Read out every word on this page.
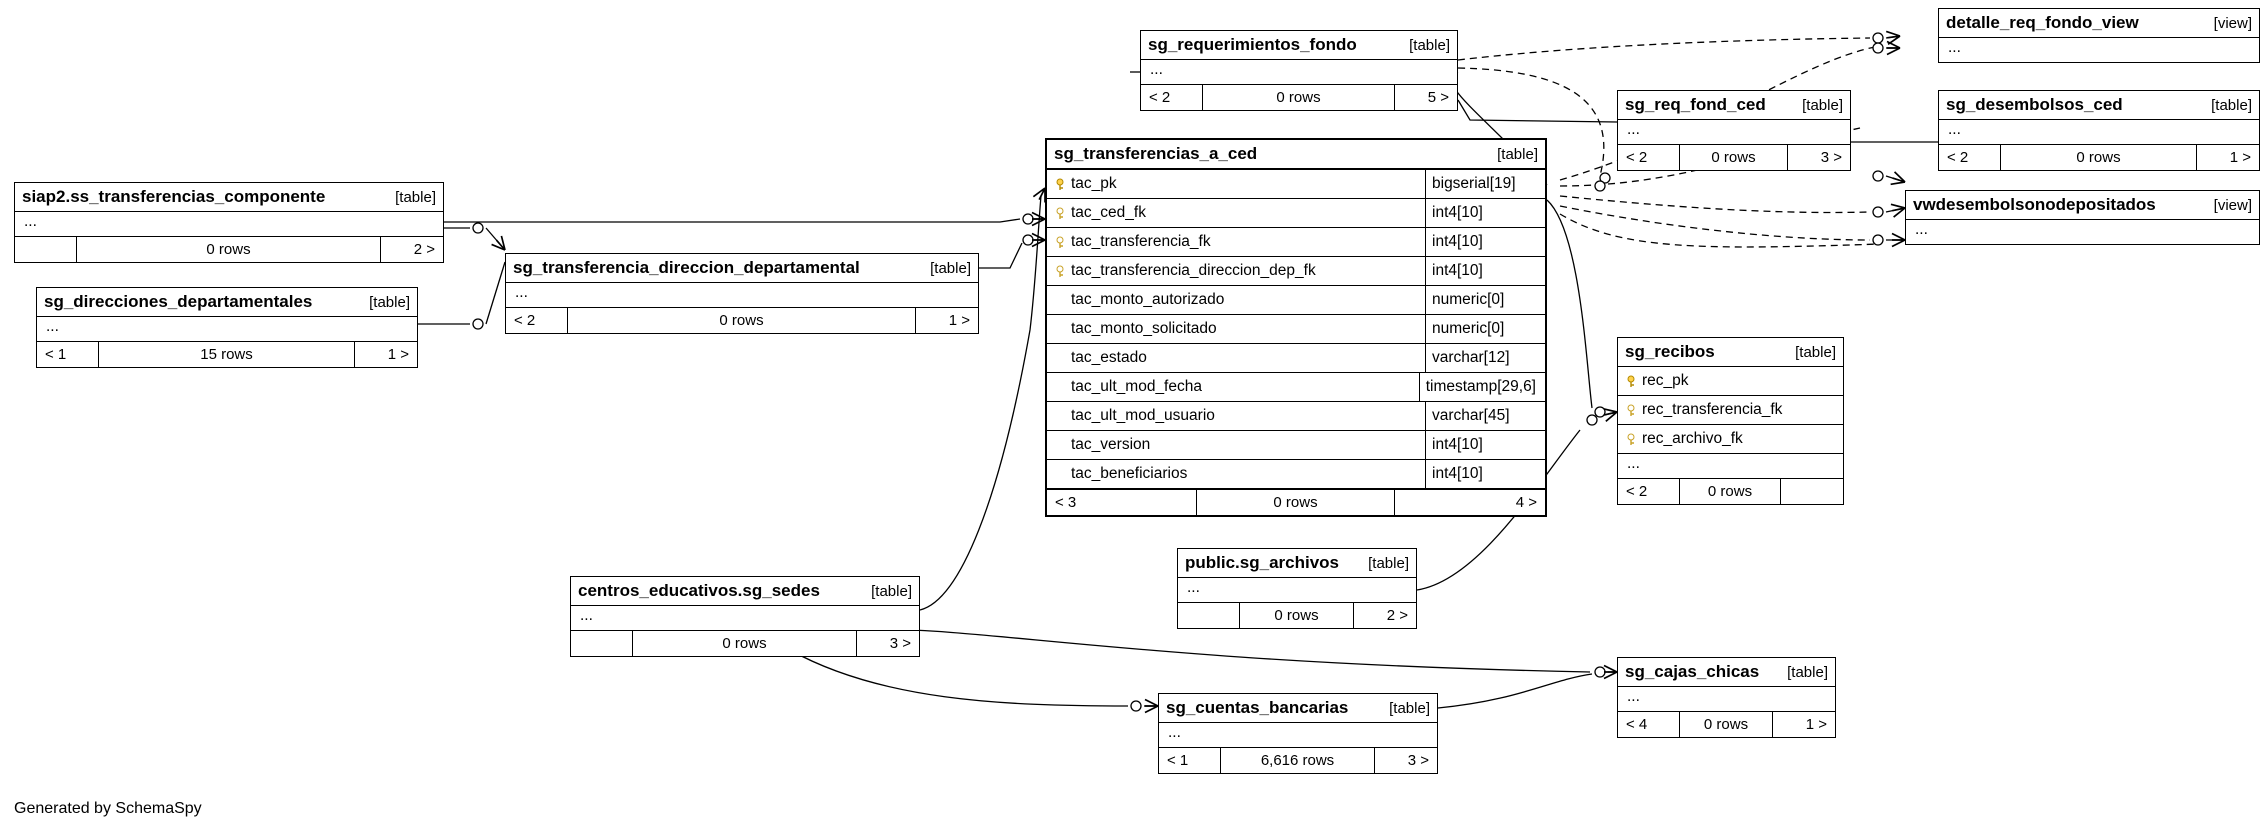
sg_requerimientos_fondo	[table]
...
< 2	0 rows	5 >
detalle_req_fondo_view	[view]
...
sg_req_fond_ced	[table]
...
< 2	0 rows	3 >
sg_desembolsos_ced	[table]
...
< 2	0 rows	1 >
vwdesembolsonodepositados	[view]
...
siap2.ss_transferencias_componente	[table]
...
0 rows	2 >
sg_transferencia_direccion_departamental	[table]
...
< 2	0 rows	1 >
sg_direcciones_departamentales	[table]
...
< 1	15 rows	1 >
sg_transferencias_a_ced	[table]
tac_pk	bigserial[19]
tac_ced_fk	int4[10]
tac_transferencia_fk	int4[10]
tac_transferencia_direccion_dep_fk	int4[10]
tac_monto_autorizado	numeric[0]
tac_monto_solicitado	numeric[0]
tac_estado	varchar[12]
tac_ult_mod_fecha	timestamp[29,6]
tac_ult_mod_usuario	varchar[45]
tac_version	int4[10]
tac_beneficiarios	int4[10]
< 3	0 rows	4 >
sg_recibos	[table]
rec_pk
rec_transferencia_fk
rec_archivo_fk
...
< 2	0 rows
public.sg_archivos	[table]
...
0 rows	2 >
centros_educativos.sg_sedes	[table]
...
0 rows	3 >
sg_cajas_chicas	[table]
...
< 4	0 rows	1 >
sg_cuentas_bancarias	[table]
...
< 1	6,616 rows	3 >
Generated by SchemaSpy
